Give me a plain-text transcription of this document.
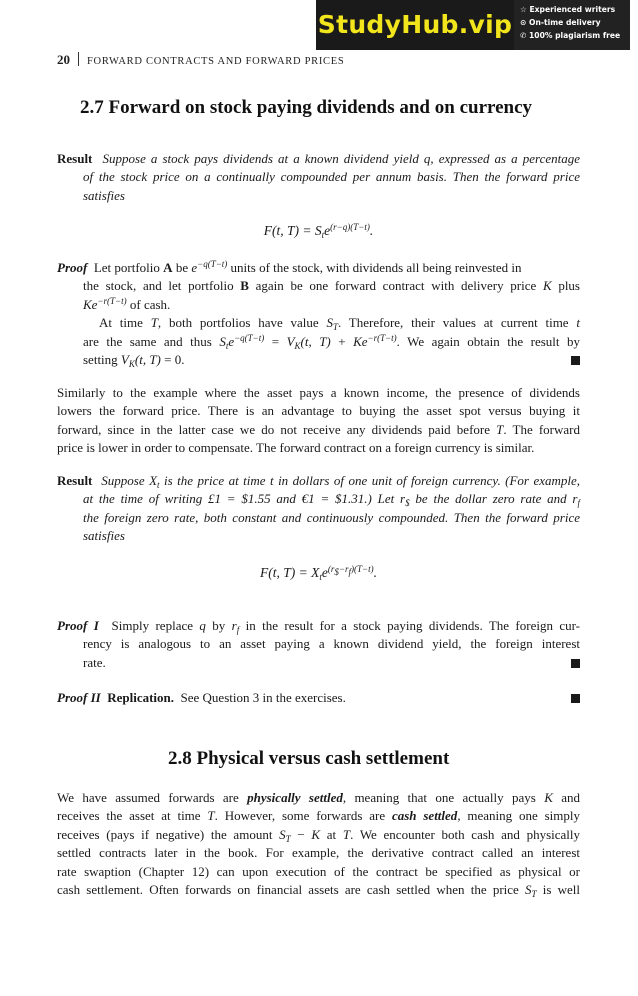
StudyHub.vip
☆ Experienced writers
⊙ On-time delivery
✆ 100% plagiarism free
20 FORWARD CONTRACTS AND FORWARD PRICES
2.7 Forward on stock paying dividends and on currency
Result Suppose a stock pays dividends at a known dividend yield q, expressed as a percentage
of the stock price on a continually compounded per annum basis. Then the forward price
satisfies
F(t, $T) = S_te^{(r-q)(T-t)}$.
Proof  Let portfolio A be $e^{-q(T-t)}$ units of the stock, with dividends all being reinvested in
the stock, and let portfolio B again be one forward contract with delivery price K plus
$Ke^{-r(T-t)}$ of cash.
At time T, both portfolios have value $S_T$. Therefore, their values at current time t
are the same and thus $S_te^{-q(T-t)} = V_K(t$, $T) + Ke^{-r(T-t)}$. We again obtain the result by
setting $V_K(t$, T) = 0.
Similarly to the example where the asset pays a known income, the presence of dividends
lowers the forward price. There is an advantage to buying the asset spot versus buying it
forward, since in the latter case we do not receive any dividends paid before T. The forward
price is lower in order to compensate. The forward contract on a foreign currency is similar.
Result Suppose $X_t$ is the price at time t in dollars of one unit of foreign currency. (For example,
at the time of writing £1 = $1.55 and €1 = $1.31.) Let $r_{\$}$ be the dollar zero rate and $r_f$
the foreign zero rate, both constant and continuously compounded. Then the forward price
satisfies
F(t, $T) = X_te^{(r_{\$}-r_f)(T-t)}$.
Proof I  Simply replace q by $r_f$ in the result for a stock paying dividends. The foreign cur-
rency is analogous to an asset paying a known dividend yield, the foreign interest
rate.
Proof II Replication.  See Question 3 in the exercises.
2.8 Physical versus cash settlement
We have assumed forwards are physically settled, meaning that one actually pays K and
receives the asset at time T. However, some forwards are cash settled, meaning one simply
receives (pays if negative) the amount $S_T - K$ at T. We encounter both cash and physically
settled contracts later in the book. For example, the derivative contract called an interest
rate swaption (Chapter 12) can upon execution of the contract be specified as physical or
cash settlement. Often forwards on financial assets are cash settled when the price $S_T$ is well
